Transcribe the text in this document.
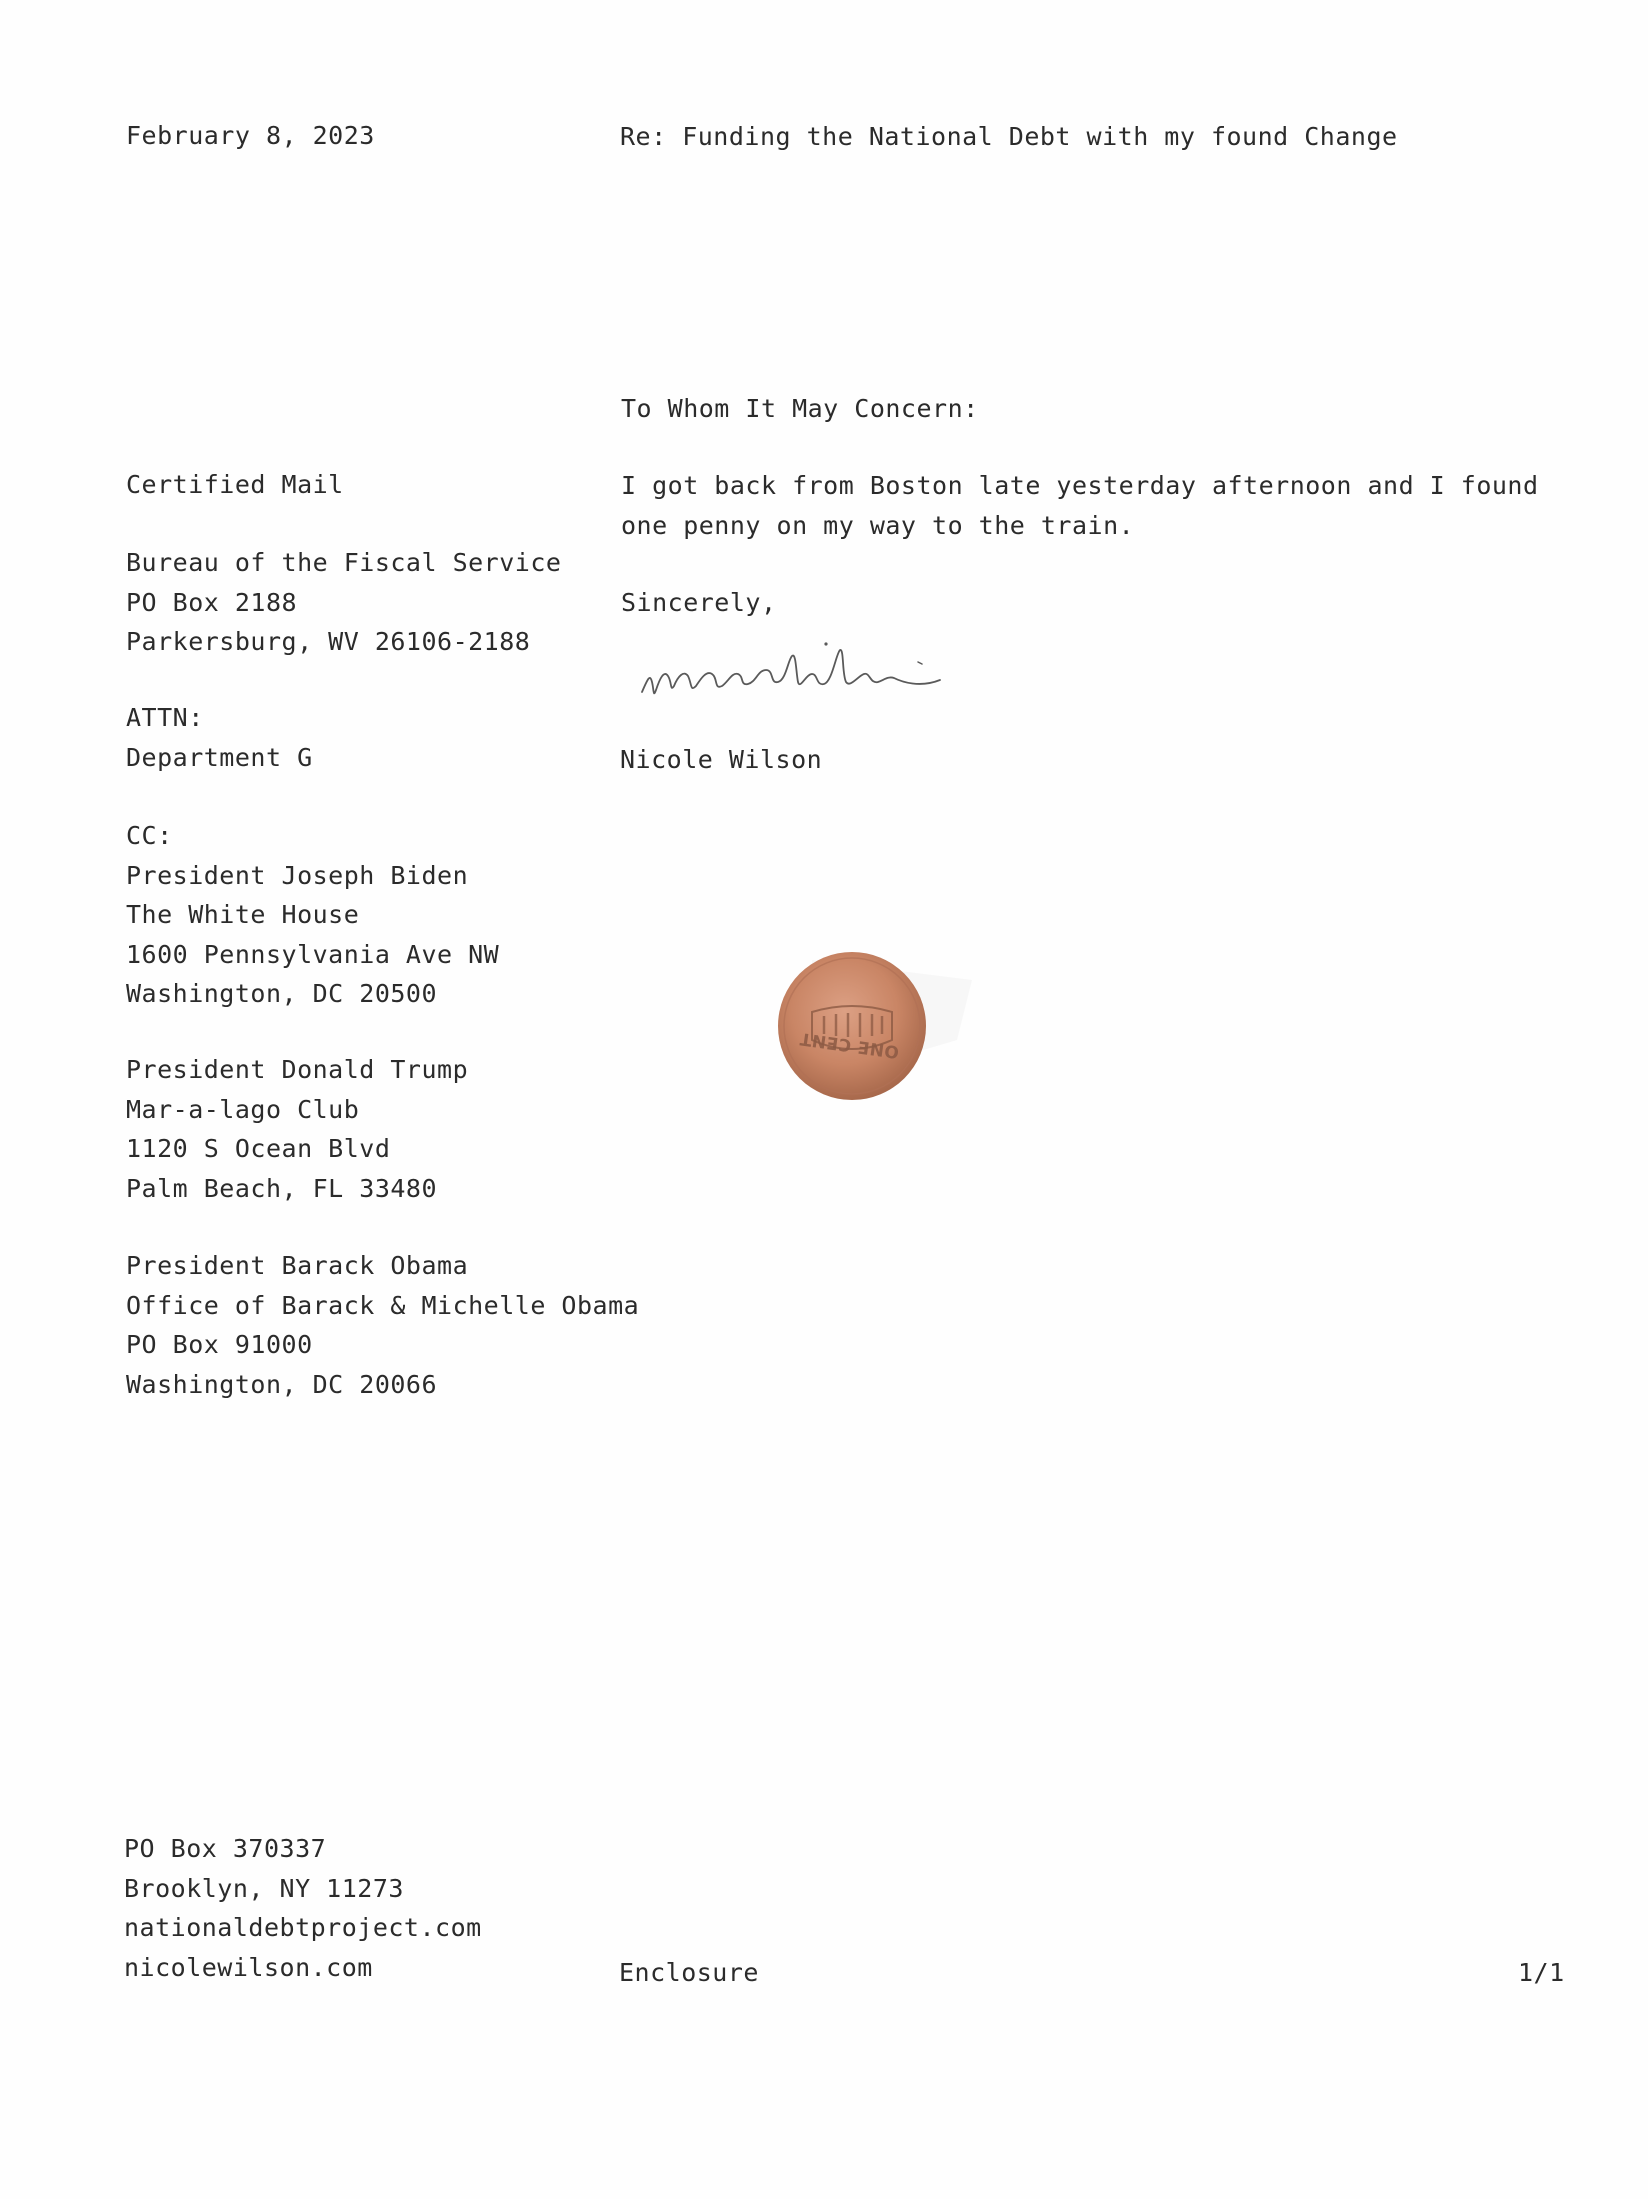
February 8, 2023	Re: Funding the National Debt with my found Change
To Whom It May Concern:
Certified Mail
Bureau of the Fiscal Service
PO Box 2188
Parkersburg, WV 26106-2188
ATTN:
Department G
CC:
President Joseph Biden
The White House
1600 Pennsylvania Ave NW
Washington, DC 20500
President Donald Trump
Mar-a-lago Club
1120 S Ocean Blvd
Palm Beach, FL 33480
President Barack Obama
Office of Barack & Michelle Obama
PO Box 91000
Washington, DC 20066
I got back from Boston late yesterday afternoon and I found one penny on my way to the train.
Sincerely,
Nicole Wilson
ONE CENT
PO Box 370337
Brooklyn, NY 11273
nationaldebtproject.com
nicolewilson.com	Enclosure	1/1
